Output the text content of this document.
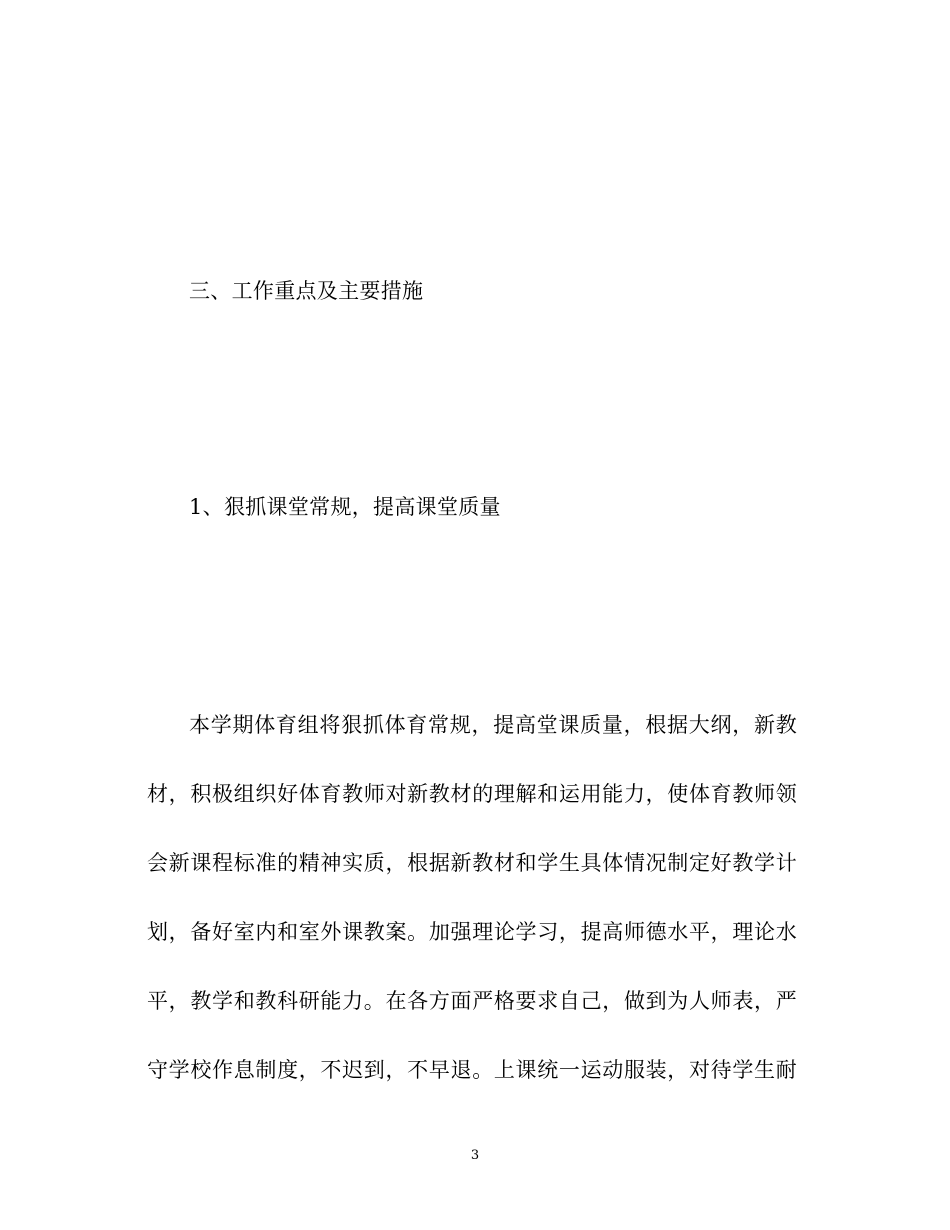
三、工作重点及主要措施
1、狠抓课堂常规，提高课堂质量
本学期体育组将狠抓体育常规，提高堂课质量，根据大纲，新教
材，积极组织好体育教师对新教材的理解和运用能力，使体育教师领
会新课程标准的精神实质，根据新教材和学生具体情况制定好教学计
划，备好室内和室外课教案。加强理论学习，提高师德水平，理论水
平，教学和教科研能力。在各方面严格要求自己，做到为人师表，严
守学校作息制度，不迟到，不早退。上课统一运动服装，对待学生耐
3
